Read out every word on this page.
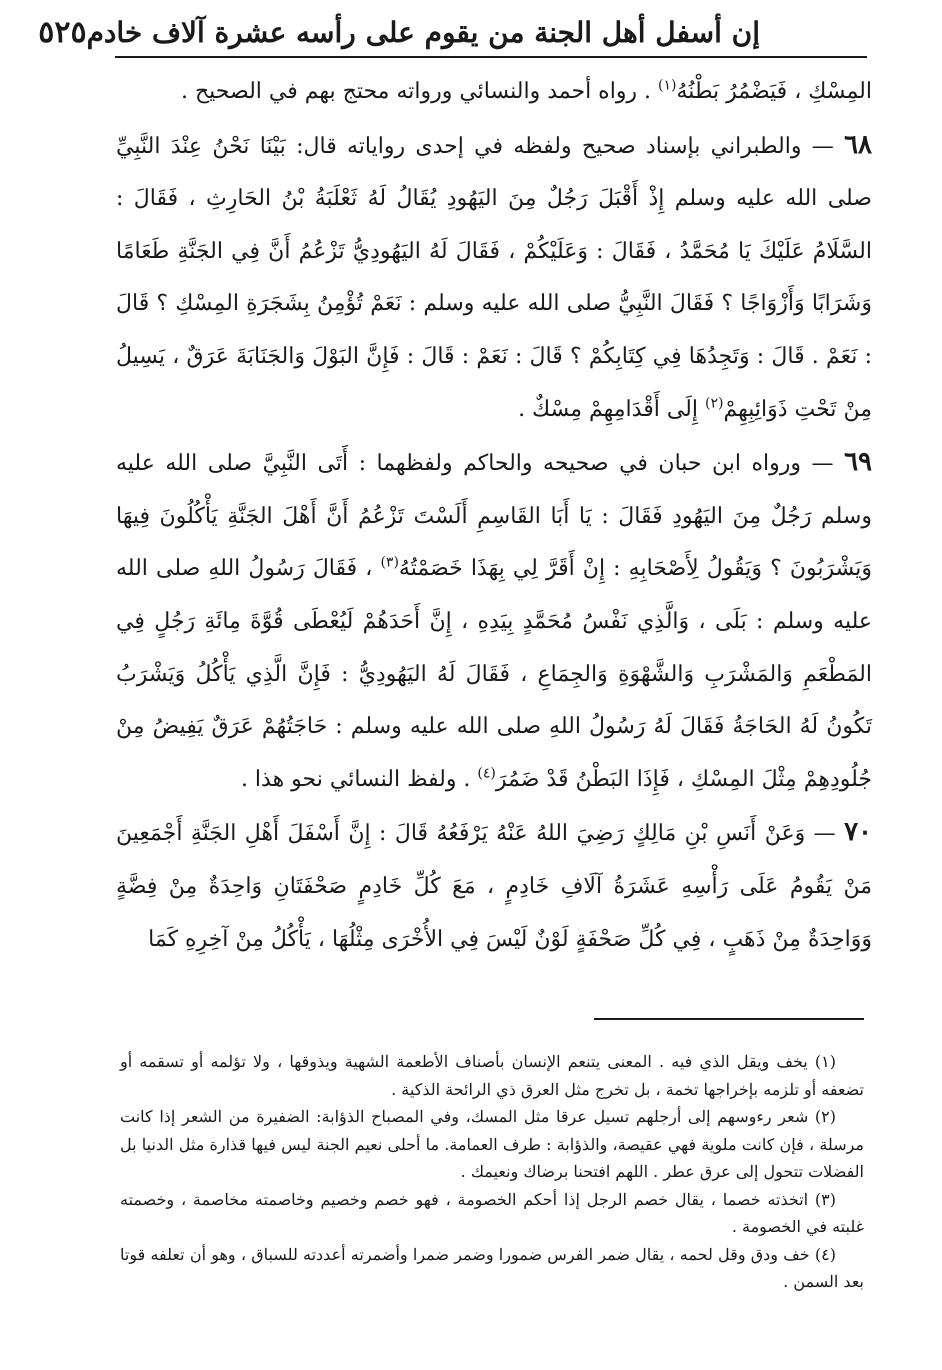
إن أسفل أهل الجنة من يقوم على رأسه عشرة آلاف خادم
٥٢٥

المِسْكِ ، فَيَضْمُرُ بَطْنُهُ$^{(١)}$ . رواه أحمد والنسائي ورواته محتج بهم في الصحيح .

٦٨ — والطبراني بإسناد صحيح ولفظه في إحدى رواياته قال: بَيْنَا نَحْنُ عِنْدَ النَّبِيِّ صلى الله عليه وسلم إِذْ أَقْبَلَ رَجُلٌ مِنَ اليَهُودِ يُقَالُ لَهُ ثَعْلَبَةُ بْنُ الحَارِثِ ، فَقَالَ : السَّلَامُ عَلَيْكَ يَا مُحَمَّدُ ، فَقَالَ : وَعَلَيْكُمْ ، فَقَالَ لَهُ اليَهُودِيُّ تَزْعُمُ أَنَّ فِي الجَنَّةِ طَعَامًا وَشَرَابًا وَأَزْوَاجًا ؟ فَقَالَ النَّبِيُّ صلى الله عليه وسلم : نَعَمْ تُؤْمِنُ بِشَجَرَةِ المِسْكِ ؟ قَالَ : نَعَمْ . قَالَ : وَتَجِدُهَا فِي كِتَابِكُمْ ؟ قَالَ : نَعَمْ : قَالَ : فَإِنَّ البَوْلَ وَالجَنَابَةَ عَرَقٌ ، يَسِيلُ مِنْ تَحْتِ ذَوَائِبِهِمْ$^{(٢)}$ إِلَى أَقْدَامِهِمْ مِسْكٌ .

٦٩ — ورواه ابن حبان في صحيحه والحاكم ولفظهما : أَتَى النَّبِيَّ صلى الله عليه وسلم رَجُلٌ مِنَ اليَهُودِ فَقَالَ : يَا أَبَا القَاسِمِ أَلَسْتَ تَزْعُمُ أَنَّ أَهْلَ الجَنَّةِ يَأْكُلُونَ فِيهَا وَيَشْرَبُونَ ؟ وَيَقُولُ لِأَصْحَابِهِ : إِنْ أَقَرَّ لِي بِهَذَا خَصَمْتُهُ$^{(٣)}$ ، فَقَالَ رَسُولُ اللهِ صلى الله عليه وسلم : بَلَى ، وَالَّذِي نَفْسُ مُحَمَّدٍ بِيَدِهِ ، إِنَّ أَحَدَهُمْ لَيُعْطَى قُوَّةَ مِائَةِ رَجُلٍ فِي المَطْعَمِ وَالمَشْرَبِ وَالشَّهْوَةِ وَالجِمَاعِ ، فَقَالَ لَهُ اليَهُودِيُّ : فَإِنَّ الَّذِي يَأْكُلُ وَيَشْرَبُ تَكُونُ لَهُ الحَاجَةُ فَقَالَ لَهُ رَسُولُ اللهِ صلى الله عليه وسلم : حَاجَتُهُمْ عَرَقٌ يَفِيضُ مِنْ جُلُودِهِمْ مِثْلَ المِسْكِ ، فَإِذَا البَطْنُ قَدْ ضَمُرَ$^{(٤)}$ . ولفظ النسائي نحو هذا .

٧٠ — وَعَنْ أَنَسِ بْنِ مَالِكٍ رَضِيَ اللهُ عَنْهُ يَرْفَعُهُ قَالَ : إِنَّ أَسْفَلَ أَهْلِ الجَنَّةِ أَجْمَعِينَ مَنْ يَقُومُ عَلَى رَأْسِهِ عَشَرَةُ آلَافِ خَادِمٍ ، مَعَ كُلِّ خَادِمٍ صَحْفَتَانِ وَاحِدَةٌ مِنْ فِضَّةٍ وَوَاحِدَةٌ مِنْ ذَهَبٍ ، فِي كُلِّ صَحْفَةٍ لَوْنٌ لَيْسَ فِي الأُخْرَى مِثْلُهَا ، يَأْكُلُ مِنْ آخِرِهِ كَمَا

(١) يخف ويقل الذي فيه . المعنى يتنعم الإنسان بأصناف الأطعمة الشهية ويذوقها ، ولا تؤلمه أو تسقمه أو تضعفه أو تلزمه بإخراجها تخمة ، بل تخرج مثل العرق ذي الرائحة الذكية .

(٢) شعر رءوسهم إلى أرجلهم تسيل عرقا مثل المسك، وفي المصباح الذؤابة: الضفيرة من الشعر إذا كانت مرسلة ، فإن كانت ملوية فهي عقيصة، والذؤابة : طرف العمامة. ما أحلى نعيم الجنة ليس فيها قذارة مثل الدنيا بل الفضلات تتحول إلى عرق عطر . اللهم افتحنا برضاك ونعيمك .

(٣) اتخذته خصما ، يقال خصم الرجل إذا أحكم الخصومة ، فهو خصم وخصيم وخاصمته مخاصمة ، وخصمته غلبته في الخصومة .

(٤) خف ودق وقل لحمه ، يقال ضمر الفرس ضمورا وضمر ضمرا وأضمرته أعددته للسباق ، وهو أن تعلفه قوتا بعد السمن .
